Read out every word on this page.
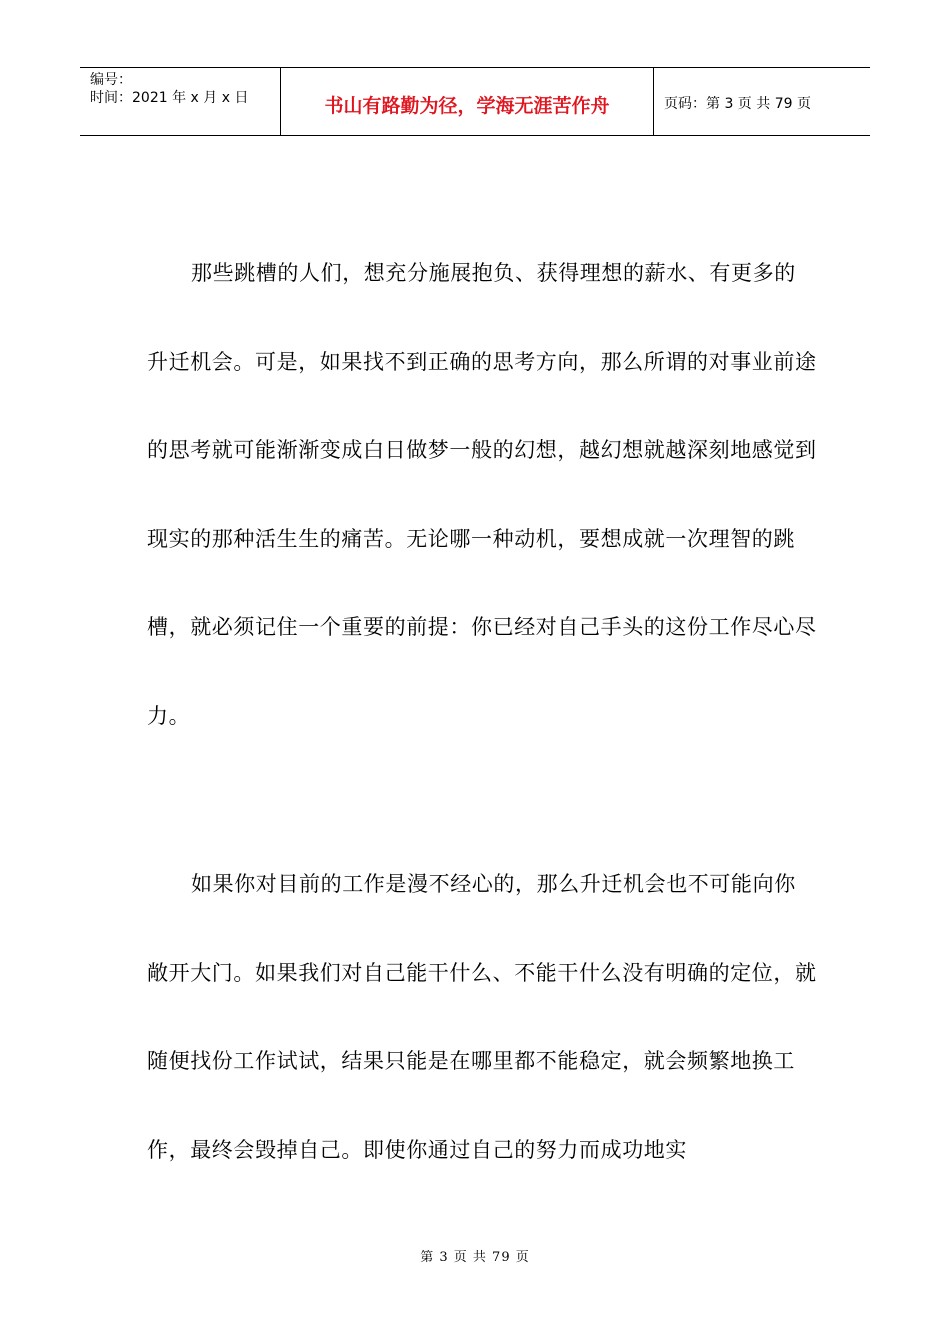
编号：
时间：2021 年 x 月 x 日	书山有路勤为径，学海无涯苦作舟	页码：第 3 页 共 79 页

那些跳槽的人们，想充分施展抱负、获得理想的薪水、有更多的升迁机会。可是，如果找不到正确的思考方向，那么所谓的对事业前途的思考就可能渐渐变成白日做梦一般的幻想，越幻想就越深刻地感觉到现实的那种活生生的痛苦。无论哪一种动机，要想成就一次理智的跳槽，就必须记住一个重要的前提：你已经对自己手头的这份工作尽心尽力。

如果你对目前的工作是漫不经心的，那么升迁机会也不可能向你敞开大门。如果我们对自己能干什么、不能干什么没有明确的定位，就随便找份工作试试，结果只能是在哪里都不能稳定，就会频繁地换工作，最终会毁掉自己。即使你通过自己的努力而成功地实

第 3 页 共 79 页
